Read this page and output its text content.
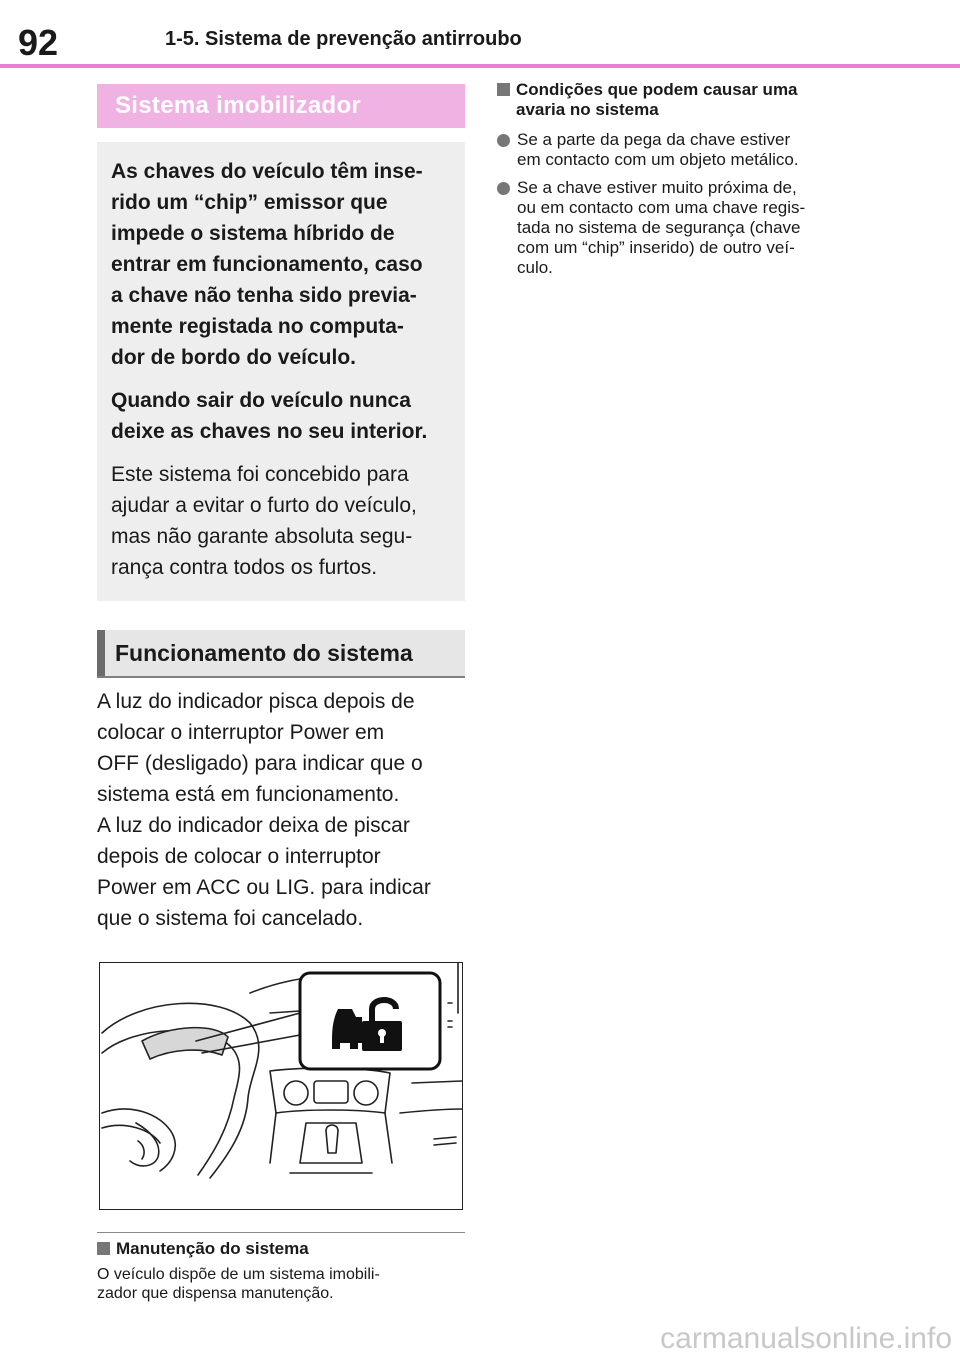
92	1-5. Sistema de prevenção antirroubo
Sistema imobilizador

As chaves do veículo têm inse-

rido um “chip” emissor que

impede o sistema híbrido de

entrar em funcionamento, caso

a chave não tenha sido previa-

mente registada no computa-

dor de bordo do veículo.

Quando sair do veículo nunca

deixe as chaves no seu interior.

Este sistema foi concebido para

ajudar a evitar o furto do veículo,

mas não garante absoluta segu-

rança contra todos os furtos.

Funcionamento do sistema

A luz do indicador pisca depois de

colocar o interruptor Power em

OFF (desligado) para indicar que o

sistema está em funcionamento.

A luz do indicador deixa de piscar

depois de colocar o interruptor

Power em ACC ou LIG. para indicar

que o sistema foi cancelado.

Manutenção do sistema
O veículo dispõe de um sistema imobili-
zador que dispensa manutenção.
Condições que podem causar uma
avaria no sistema
Se a parte da pega da chave estiver
em contacto com um objeto metálico.
Se a chave estiver muito próxima de,
ou em contacto com uma chave regis-
tada no sistema de segurança (chave
com um “chip” inserido) de outro veí-
culo.
carmanualsonline.info
